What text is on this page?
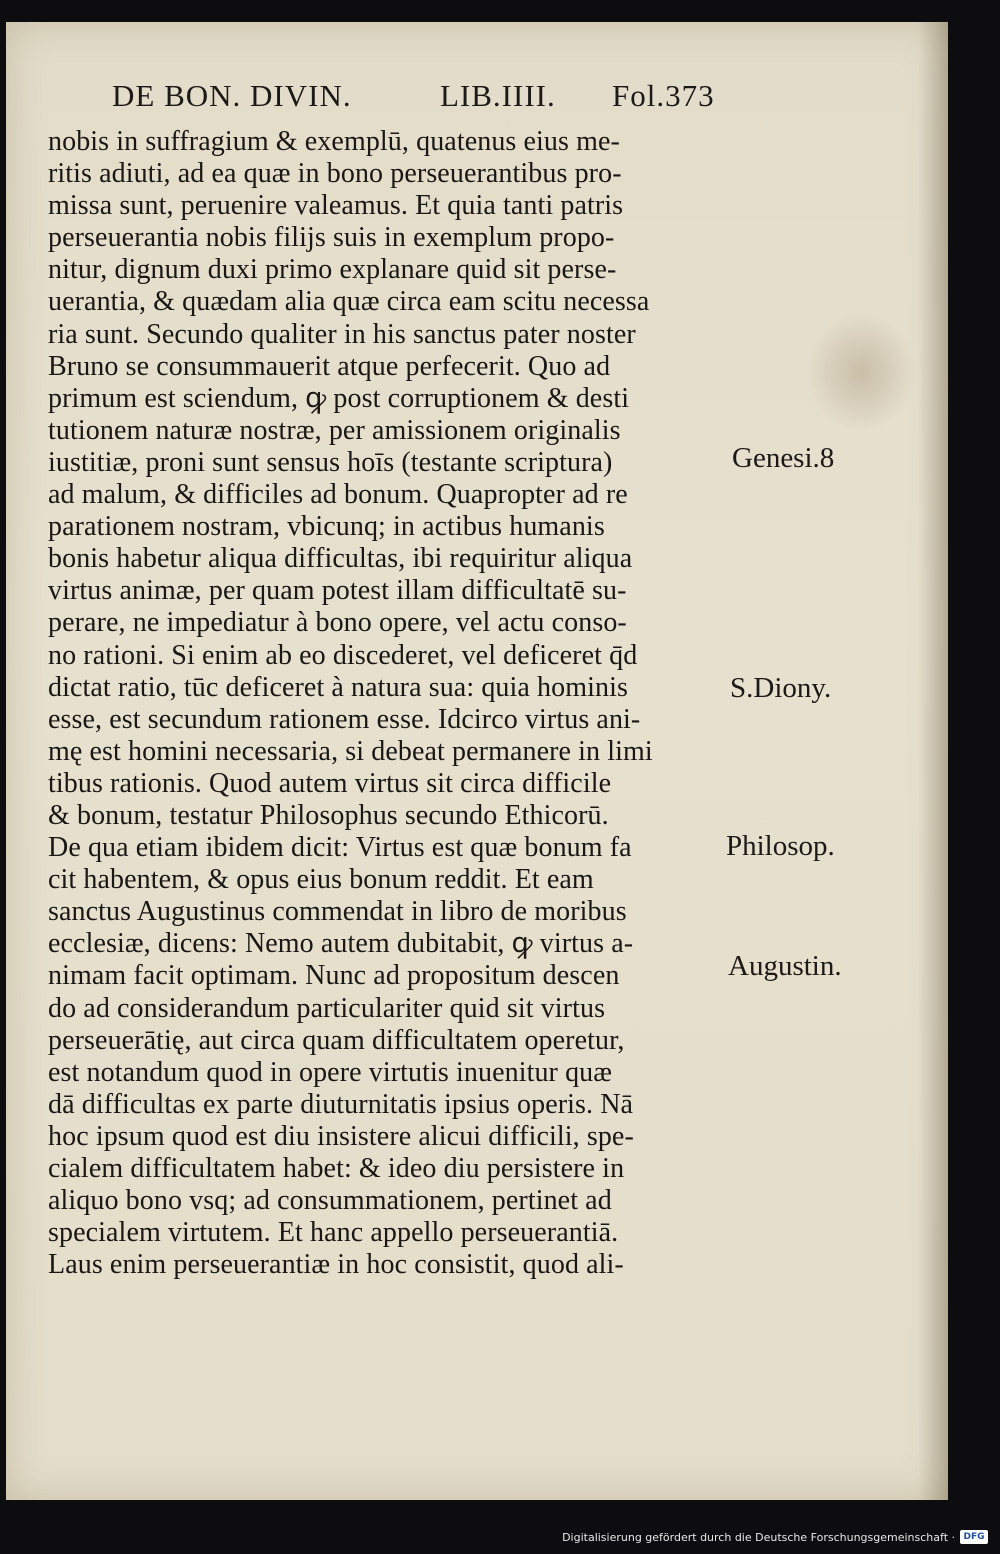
DE BON. DIVIN.	LIB.IIII. Fol.373
nobis in suffragium & exemplū, quatenus eius me-
ritis adiuti, ad ea quæ in bono perseuerantibus pro-
missa sunt, peruenire valeamus. Et quia tanti patris
perseuerantia nobis filijs suis in exemplum propo-
nitur, dignum duxi primo explanare quid sit perse-
uerantia, & quædam alia quæ circa eam scitu necessa
ria sunt. Secundo qualiter in his sanctus pater noster
Bruno se consummauerit atque perfecerit. Quo ad
primum est sciendum, ꝙ post corruptionem & desti
tutionem naturæ nostræ, per amissionem originalis
iustitiæ, proni sunt sensus hoīs (testante scriptura)
ad malum, & difficiles ad bonum. Quapropter ad re
parationem nostram, vbicunq; in actibus humanis
bonis habetur aliqua difficultas, ibi requiritur aliqua
virtus animæ, per quam potest illam difficultatē su-
perare, ne impediatur à bono opere, vel actu conso-
no rationi. Si enim ab eo discederet, vel deficeret q̄d
dictat ratio, tūc deficeret à natura sua: quia hominis
esse, est secundum rationem esse. Idcirco virtus ani-
mę est homini necessaria, si debeat permanere in limi
tibus rationis. Quod autem virtus sit circa difficile
& bonum, testatur Philosophus secundo Ethicorū.
De qua etiam ibidem dicit: Virtus est quæ bonum fa
cit habentem, & opus eius bonum reddit. Et eam
sanctus Augustinus commendat in libro de moribus
ecclesiæ, dicens: Nemo autem dubitabit, ꝙ virtus a-
nimam facit optimam. Nunc ad propositum descen
do ad considerandum particulariter quid sit virtus
perseuerātię, aut circa quam difficultatem operetur,
est notandum quod in opere virtutis inuenitur quæ
dā difficultas ex parte diuturnitatis ipsius operis. Nā
hoc ipsum quod est diu insistere alicui difficili, spe-
cialem difficultatem habet: & ideo diu persistere in
aliquo bono vsq; ad consummationem, pertinet ad
specialem virtutem. Et hanc appello perseuerantiā.
Laus enim perseuerantiæ in hoc consistit, quod ali-
Genesi.8
S.Diony.
Philosop.
Augustin.
Digitalisierung gefördert durch die Deutsche Forschungsgemeinschaft · DFG
